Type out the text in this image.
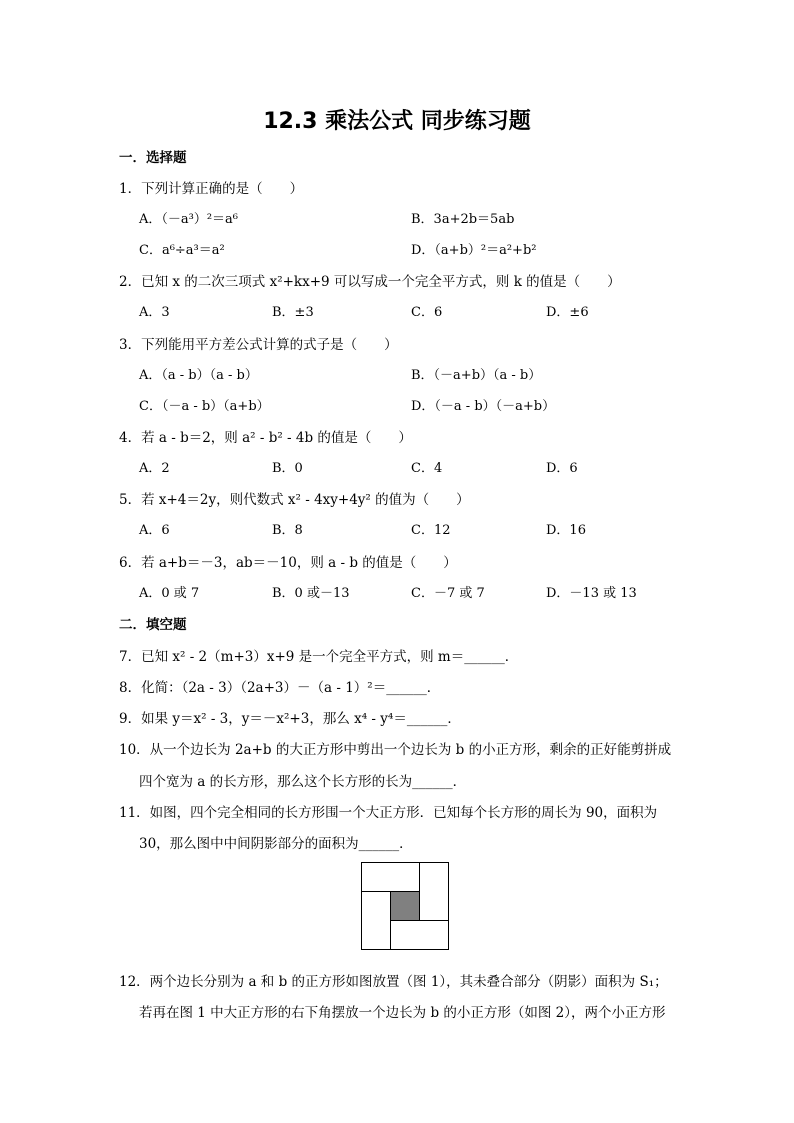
12.3 乘法公式 同步练习题
一．选择题
1．下列计算正确的是（　　）
A．（－a³）²＝a⁶	B．3a+2b＝5ab
C．a⁶÷a³＝a²	D．（a+b）²＝a²+b²
2．已知 x 的二次三项式 x²+kx+9 可以写成一个完全平方式，则 k 的值是（　　）
A．3	B．±3	C．6	D．±6
3．下列能用平方差公式计算的式子是（　　）
A．（a - b）（a - b）	B．（－a+b）（a - b）
C．（－a - b）（a+b）	D．（－a - b）（－a+b）
4．若 a - b＝2，则 a² - b² - 4b 的值是（　　）
A．2	B．0	C．4	D．6
5．若 x+4＝2y，则代数式 x² - 4xy+4y² 的值为（　　）
A．6	B．8	C．12	D．16
6．若 a+b＝－3，ab＝－10，则 a - b 的值是（　　）
A．0 或 7	B．0 或－13	C．－7 或 7	D．－13 或 13
二．填空题
7．已知 x² - 2（m+3）x+9 是一个完全平方式，则 m＝______．
8．化简：（2a - 3）（2a+3）－（a - 1）²＝______．
9．如果 y＝x² - 3，y＝－x²+3，那么 x⁴ - y⁴＝______．
10．从一个边长为 2a+b 的大正方形中剪出一个边长为 b 的小正方形，剩余的正好能剪拼成
四个宽为 a 的长方形，那么这个长方形的长为______．
11．如图，四个完全相同的长方形围一个大正方形．已知每个长方形的周长为 90，面积为
30，那么图中中间阴影部分的面积为______．
12．两个边长分别为 a 和 b 的正方形如图放置（图 1），其未叠合部分（阴影）面积为 S₁；
若再在图 1 中大正方形的右下角摆放一个边长为 b 的小正方形（如图 2），两个小正方形
